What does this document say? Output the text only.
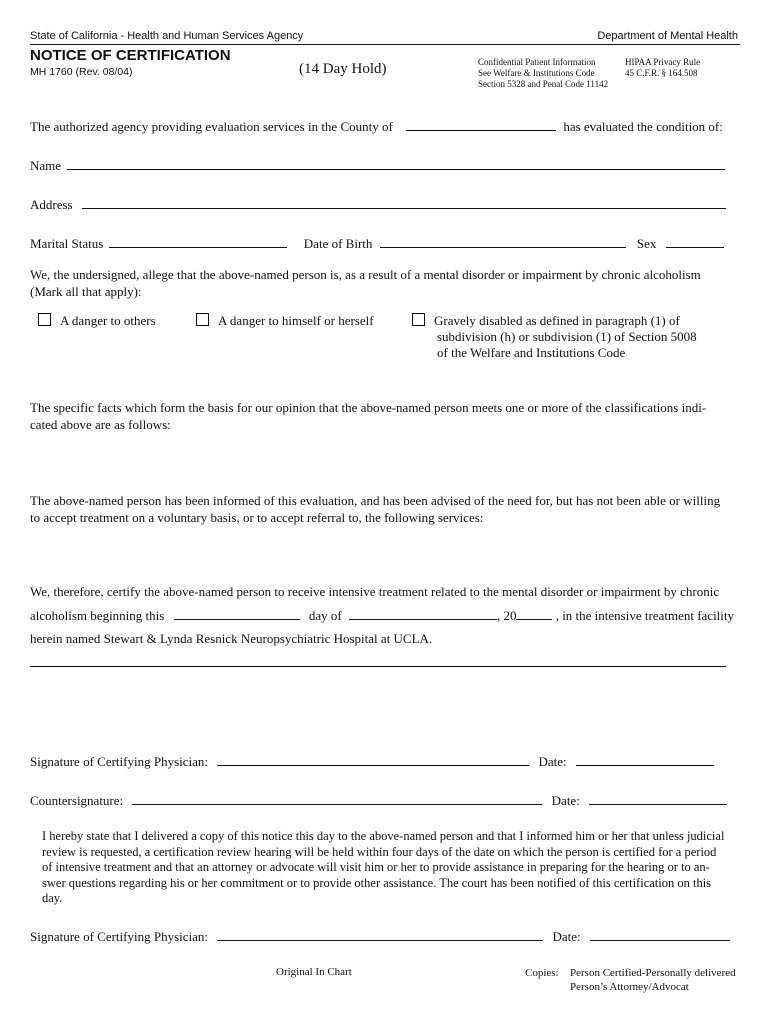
State of California - Health and Human Services Agency	Department of Mental Health
NOTICE OF CERTIFICATION
MH 1760 (Rev. 08/04)	(14 Day Hold)	Confidential Patient Information
See Welfare & Institutions Code
Section 5328 and Penal Code 11142
HIPAA Privacy Rule
45 C.F.R. § 164.508
The authorized agency providing evaluation services in the County of	has evaluated the condition of:
Name
Address
Marital Status	Date of Birth	Sex
We, the undersigned, allege that the above-named person is, as a result of a mental disorder or impairment by chronic alcoholism
(Mark all that apply):
A danger to others	A danger to himself or herself	Gravely disabled as defined in paragraph (1) of
subdivision (h) or subdivision (1) of Section 5008
of the Welfare and Institutions Code
The specific facts which form the basis for our opinion that the above-named person meets one or more of the classifications indi-
cated above are as follows:
The above-named person has been informed of this evaluation, and has been advised of the need for, but has not been able or willing
to accept treatment on a voluntary basis, or to accept referral to, the following services:
We, therefore, certify the above-named person to receive intensive treatment related to the mental disorder or impairment by chronic
alcoholism beginning this	day of	, 20	, in the intensive treatment facility
herein named Stewart & Lynda Resnick Neuropsychiatric Hospital at UCLA.
Signature of Certifying Physician:	Date:
Countersignature:	Date:
I hereby state that I delivered a copy of this notice this day to the above-named person and that I informed him or her that unless judicial
review is requested, a certification review hearing will be held within four days of the date on which the person is certified for a period
of intensive treatment and that an attorney or advocate will visit him or her to provide assistance in preparing for the hearing or to an-
swer questions regarding his or her commitment or to provide other assistance. The court has been notified of this certification on this
day.
Signature of Certifying Physician:	Date:
Original In Chart	Copies: Person Certified-Personally delivered
Person’s Attorney/Advocat
